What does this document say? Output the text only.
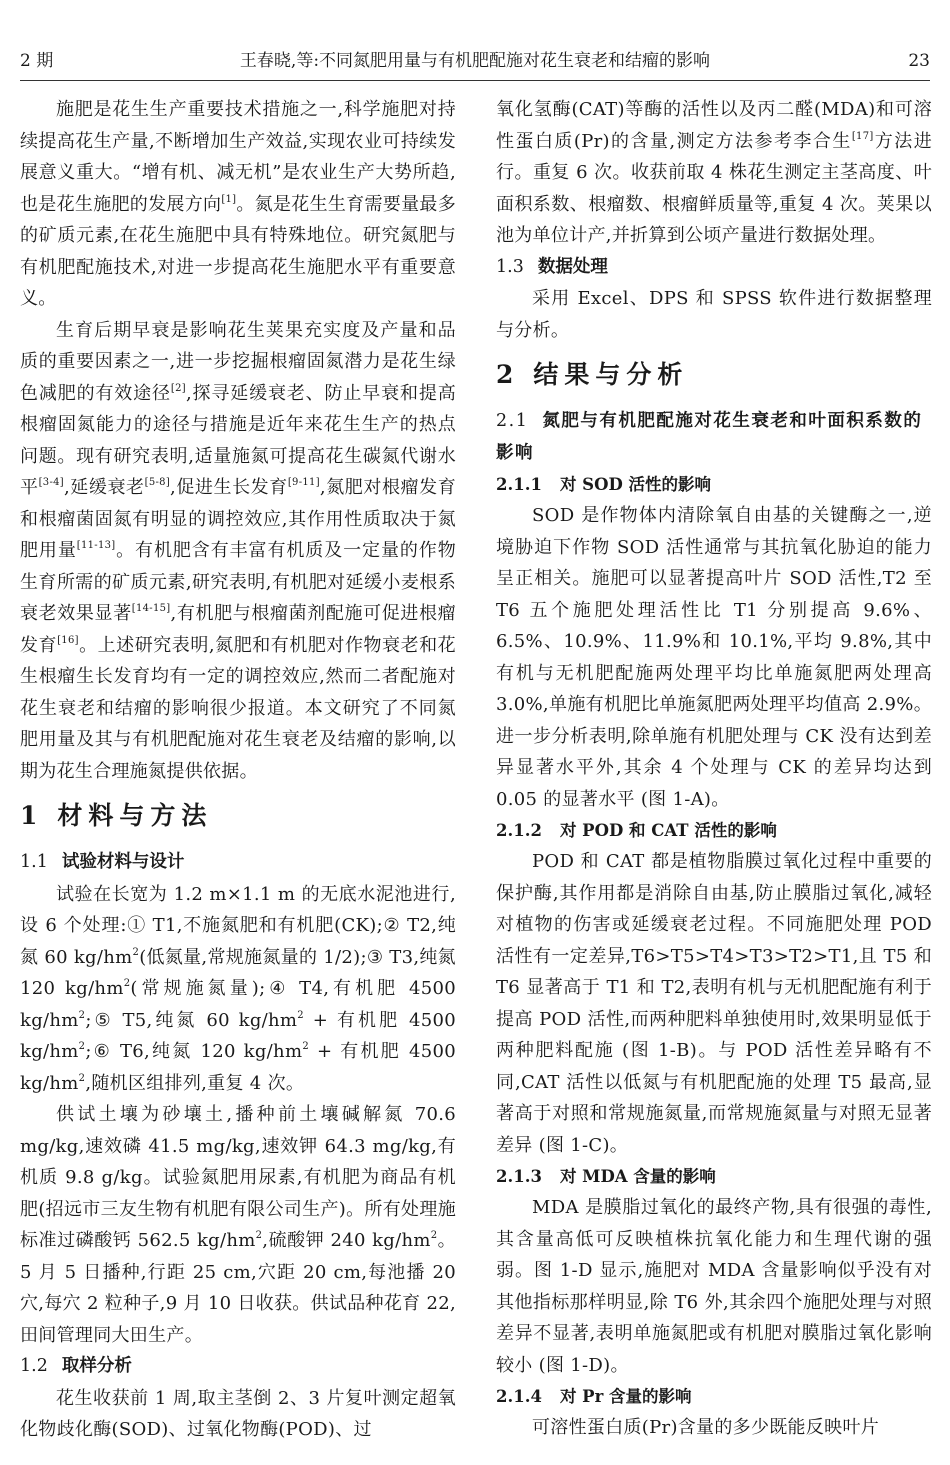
2 期	王春晓,等:不同氮肥用量与有机肥配施对花生衰老和结瘤的影响	23

施肥是花生生产重要技术措施之一,科学施肥对持续提高花生产量,不断增加生产效益,实现农业可持续发展意义重大。“增有机、减无机”是农业生产大势所趋,也是花生施肥的发展方向[1]。氮是花生生育需要量最多的矿质元素,在花生施肥中具有特殊地位。研究氮肥与有机肥配施技术,对进一步提高花生施肥水平有重要意义。

生育后期早衰是影响花生荚果充实度及产量和品质的重要因素之一,进一步挖掘根瘤固氮潜力是花生绿色减肥的有效途径[2],探寻延缓衰老、防止早衰和提高根瘤固氮能力的途径与措施是近年来花生生产的热点问题。现有研究表明,适量施氮可提高花生碳氮代谢水平[3-4],延缓衰老[5-8],促进生长发育[9-11],氮肥对根瘤发育和根瘤菌固氮有明显的调控效应,其作用性质取决于氮肥用量[11-13]。有机肥含有丰富有机质及一定量的作物生育所需的矿质元素,研究表明,有机肥对延缓小麦根系衰老效果显著[14-15],有机肥与根瘤菌剂配施可促进根瘤发育[16]。上述研究表明,氮肥和有机肥对作物衰老和花生根瘤生长发育均有一定的调控效应,然而二者配施对花生衰老和结瘤的影响很少报道。本文研究了不同氮肥用量及其与有机肥配施对花生衰老及结瘤的影响,以期为花生合理施氮提供依据。

1 材料与方法
1.1 试验材料与设计

试验在长宽为 1.2 m×1.1 m 的无底水泥池进行,设 6 个处理:① T1,不施氮肥和有机肥(CK);② T2,纯氮 60 $kg/hm^2$(低氮量,常规施氮量的 1/2);③ T3,纯氮 120 $kg/hm^2$(常规施氮量);④ T4,有机肥 4500 $kg/hm^2;⑤$ T5,纯氮 60 $kg/hm^2$ + 有机肥 4500 $kg/hm^2;⑥$ T6,纯氮 120 $kg/hm^2$ + 有机肥 4500 $kg/hm^2$,随机区组排列,重复 4 次。

供试土壤为砂壤土,播种前土壤碱解氮 70.6 mg/kg,速效磷 41.5 mg/kg,速效钾 64.3 mg/kg,有机质 9.8 g/kg。试验氮肥用尿素,有机肥为商品有机肥(招远市三友生物有机肥有限公司生产)。所有处理施标准过磷酸钙 562.5 $kg/hm^2$,硫酸钾 240 $kg/hm^2$。5 月 5 日播种,行距 25 cm,穴距 20 cm,每池播 20 穴,每穴 2 粒种子,9 月 10 日收获。供试品种花育 22,田间管理同大田生产。

1.2 取样分析

花生收获前 1 周,取主茎倒 2、3 片复叶测定超氧化物歧化酶(SOD)、过氧化物酶(POD)、过

氧化氢酶(CAT)等酶的活性以及丙二醛(MDA)和可溶性蛋白质(Pr)的含量,测定方法参考李合生[17]方法进行。重复 6 次。收获前取 4 株花生测定主茎高度、叶面积系数、根瘤数、根瘤鲜质量等,重复 4 次。荚果以池为单位计产,并折算到公顷产量进行数据处理。

1.3 数据处理

采用 Excel、DPS 和 SPSS 软件进行数据整理与分析。

2 结果与分析
2.1 氮肥与有机肥配施对花生衰老和叶面积系数的影响
2.1.1 对 SOD 活性的影响

SOD 是作物体内清除氧自由基的关键酶之一,逆境胁迫下作物 SOD 活性通常与其抗氧化胁迫的能力呈正相关。施肥可以显著提高叶片 SOD 活性,T2 至 T6 五个施肥处理活性比 T1 分别提高 9.6%、6.5%、10.9%、11.9%和 10.1%,平均 9.8%,其中有机与无机肥配施两处理平均比单施氮肥两处理高 3.0%,单施有机肥比单施氮肥两处理平均值高 2.9%。进一步分析表明,除单施有机肥处理与 CK 没有达到差异显著水平外,其余 4 个处理与 CK 的差异均达到 0.05 的显著水平 (图 1-A)。

2.1.2 对 POD 和 CAT 活性的影响

POD 和 CAT 都是植物脂膜过氧化过程中重要的保护酶,其作用都是消除自由基,防止膜脂过氧化,减轻对植物的伤害或延缓衰老过程。不同施肥处理 POD 活性有一定差异,T6>T5>T4>T3>T2>T1,且 T5 和 T6 显著高于 T1 和 T2,表明有机与无机肥配施有利于提高 POD 活性,而两种肥料单独使用时,效果明显低于两种肥料配施 (图 1-B)。与 POD 活性差异略有不同,CAT 活性以低氮与有机肥配施的处理 T5 最高,显著高于对照和常规施氮量,而常规施氮量与对照无显著差异 (图 1-C)。

2.1.3 对 MDA 含量的影响

MDA 是膜脂过氧化的最终产物,具有很强的毒性,其含量高低可反映植株抗氧化能力和生理代谢的强弱。图 1-D 显示,施肥对 MDA 含量影响似乎没有对其他指标那样明显,除 T6 外,其余四个施肥处理与对照差异不显著,表明单施氮肥或有机肥对膜脂过氧化影响较小 (图 1-D)。

2.1.4 对 Pr 含量的影响

可溶性蛋白质(Pr)含量的多少既能反映叶片
